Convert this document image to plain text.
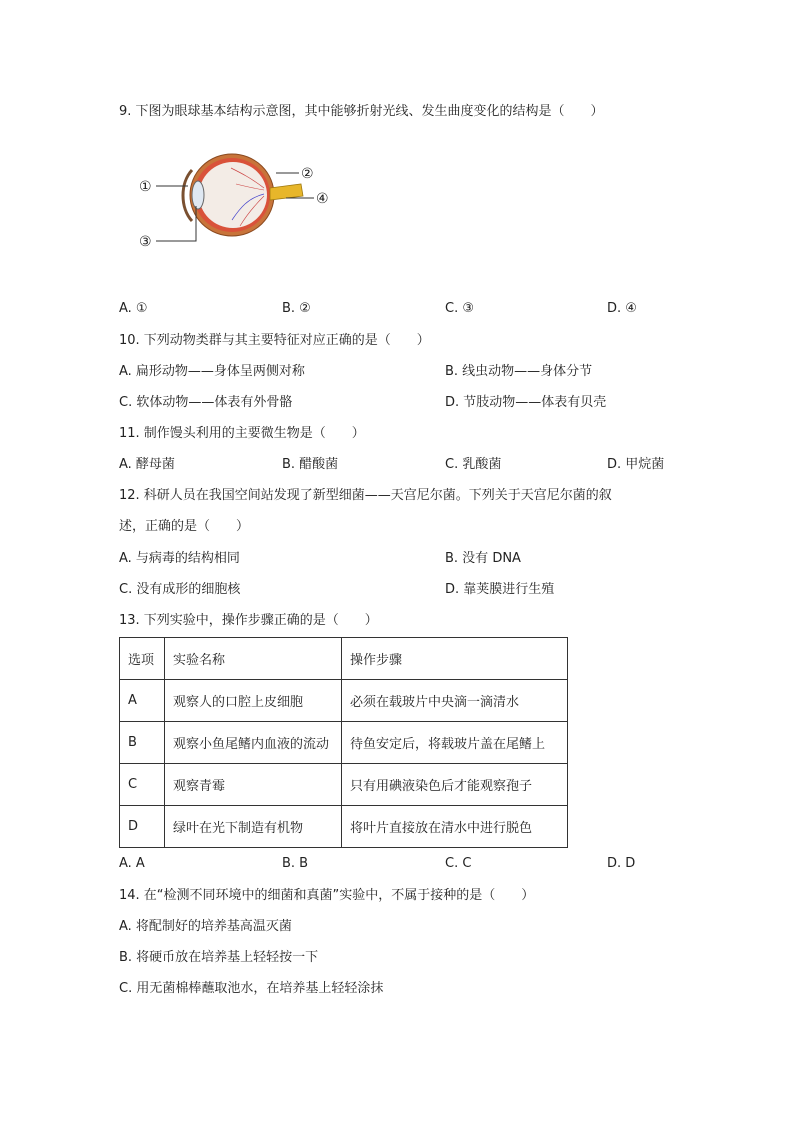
9. 下图为眼球基本结构示意图，其中能够折射光线、发生曲度变化的结构是（　　）
①
②
③
④
A. ①	B. ②	C. ③	D. ④
10. 下列动物类群与其主要特征对应正确的是（　　）
A. 扁形动物——身体呈两侧对称	B. 线虫动物——身体分节
C. 软体动物——体表有外骨骼	D. 节肢动物——体表有贝壳
11. 制作馒头利用的主要微生物是（　　）
A. 酵母菌	B. 醋酸菌	C. 乳酸菌	D. 甲烷菌
12. 科研人员在我国空间站发现了新型细菌——天宫尼尔菌。下列关于天宫尼尔菌的叙
述，正确的是（　　）
A. 与病毒的结构相同	B. 没有 DNA
C. 没有成形的细胞核	D. 靠荚膜进行生殖
13. 下列实验中，操作步骤正确的是（　　）
选项	实验名称	操作步骤
A	观察人的口腔上皮细胞	必须在载玻片中央滴一滴清水
B	观察小鱼尾鳍内血液的流动	待鱼安定后，将载玻片盖在尾鳍上
C	观察青霉	只有用碘液染色后才能观察孢子
D	绿叶在光下制造有机物	将叶片直接放在清水中进行脱色
A. A	B. B	C. C	D. D
14. 在“检测不同环境中的细菌和真菌”实验中，不属于接种的是（　　）
A. 将配制好的培养基高温灭菌
B. 将硬币放在培养基上轻轻按一下
C. 用无菌棉棒蘸取池水，在培养基上轻轻涂抹
